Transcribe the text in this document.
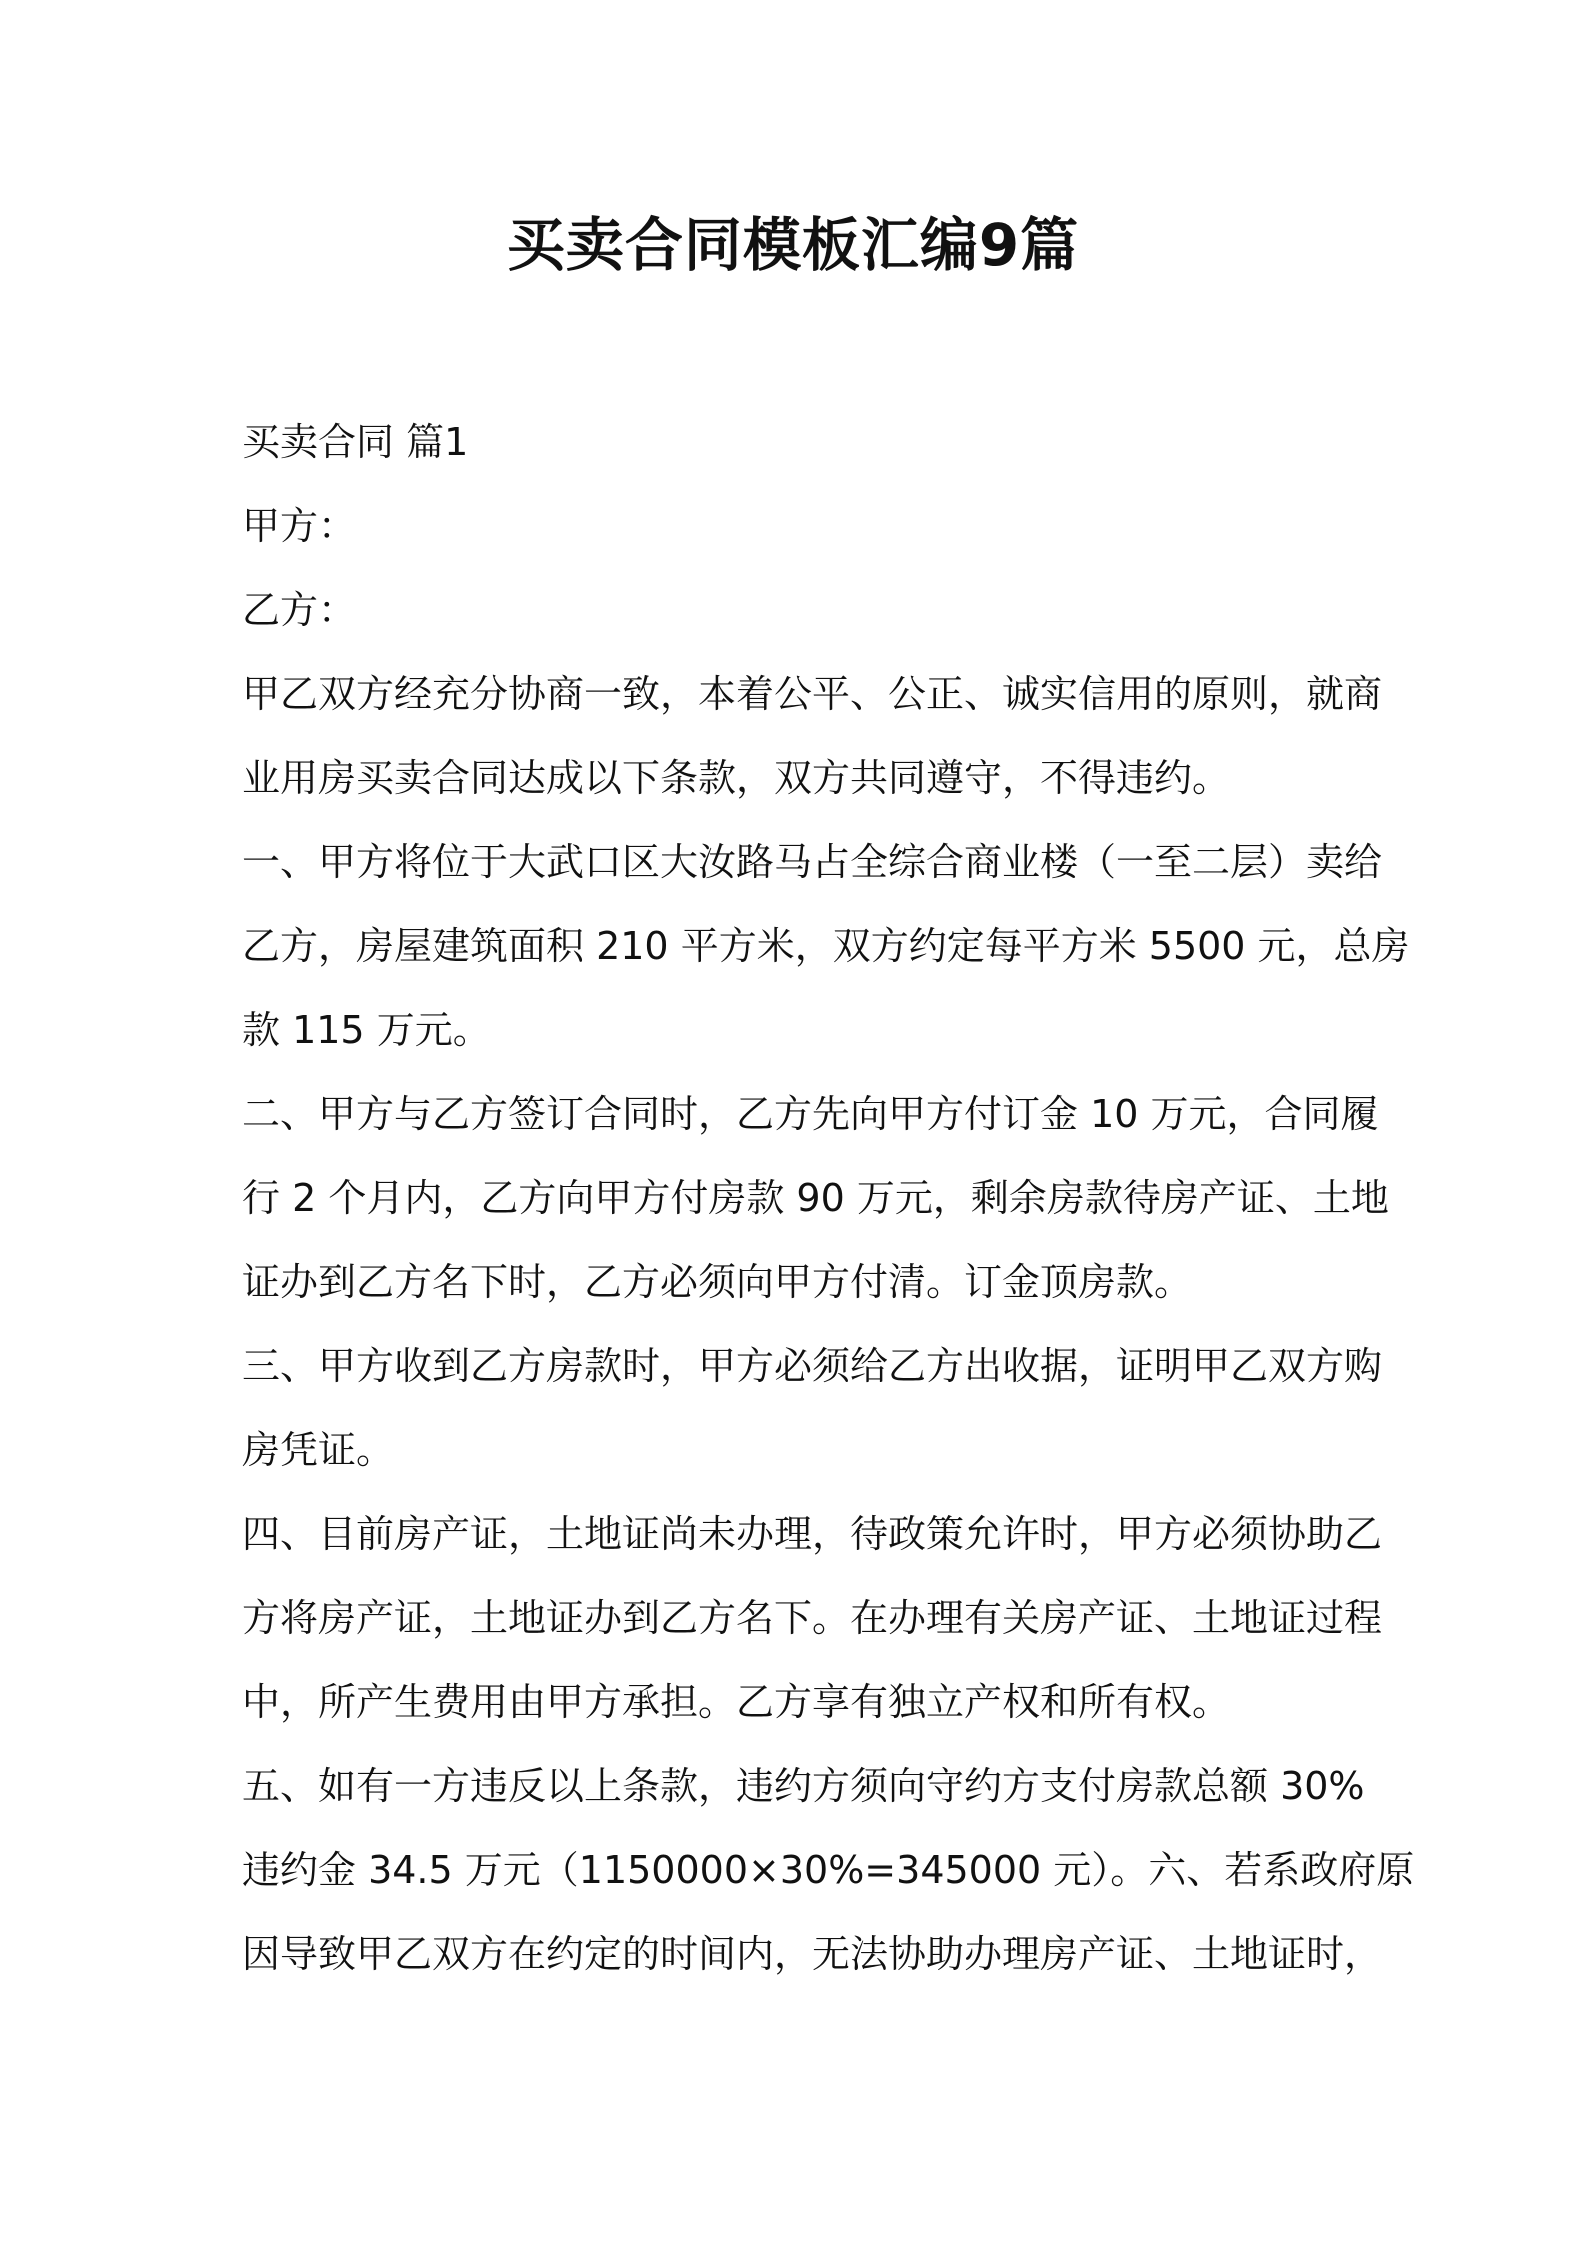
买卖合同模板汇编9篇

买卖合同 篇1

甲方：

乙方：

甲乙双方经充分协商一致，本着公平、公正、诚实信用的原则，就商

业用房买卖合同达成以下条款，双方共同遵守，不得违约。

一、甲方将位于大武口区大汝路马占全综合商业楼（一至二层）卖给

乙方，房屋建筑面积 210 平方米，双方约定每平方米 5500 元，总房

款 115 万元。

二、甲方与乙方签订合同时，乙方先向甲方付订金 10 万元，合同履

行 2 个月内，乙方向甲方付房款 90 万元，剩余房款待房产证、土地

证办到乙方名下时，乙方必须向甲方付清。订金顶房款。

三、甲方收到乙方房款时，甲方必须给乙方出收据，证明甲乙双方购

房凭证。

四、目前房产证，土地证尚未办理，待政策允许时，甲方必须协助乙

方将房产证，土地证办到乙方名下。在办理有关房产证、土地证过程

中，所产生费用由甲方承担。乙方享有独立产权和所有权。

五、如有一方违反以上条款，违约方须向守约方支付房款总额 30%

违约金 34.5 万元（1150000×30%=345000 元）。六、若系政府原

因导致甲乙双方在约定的时间内，无法协助办理房产证、土地证时，
